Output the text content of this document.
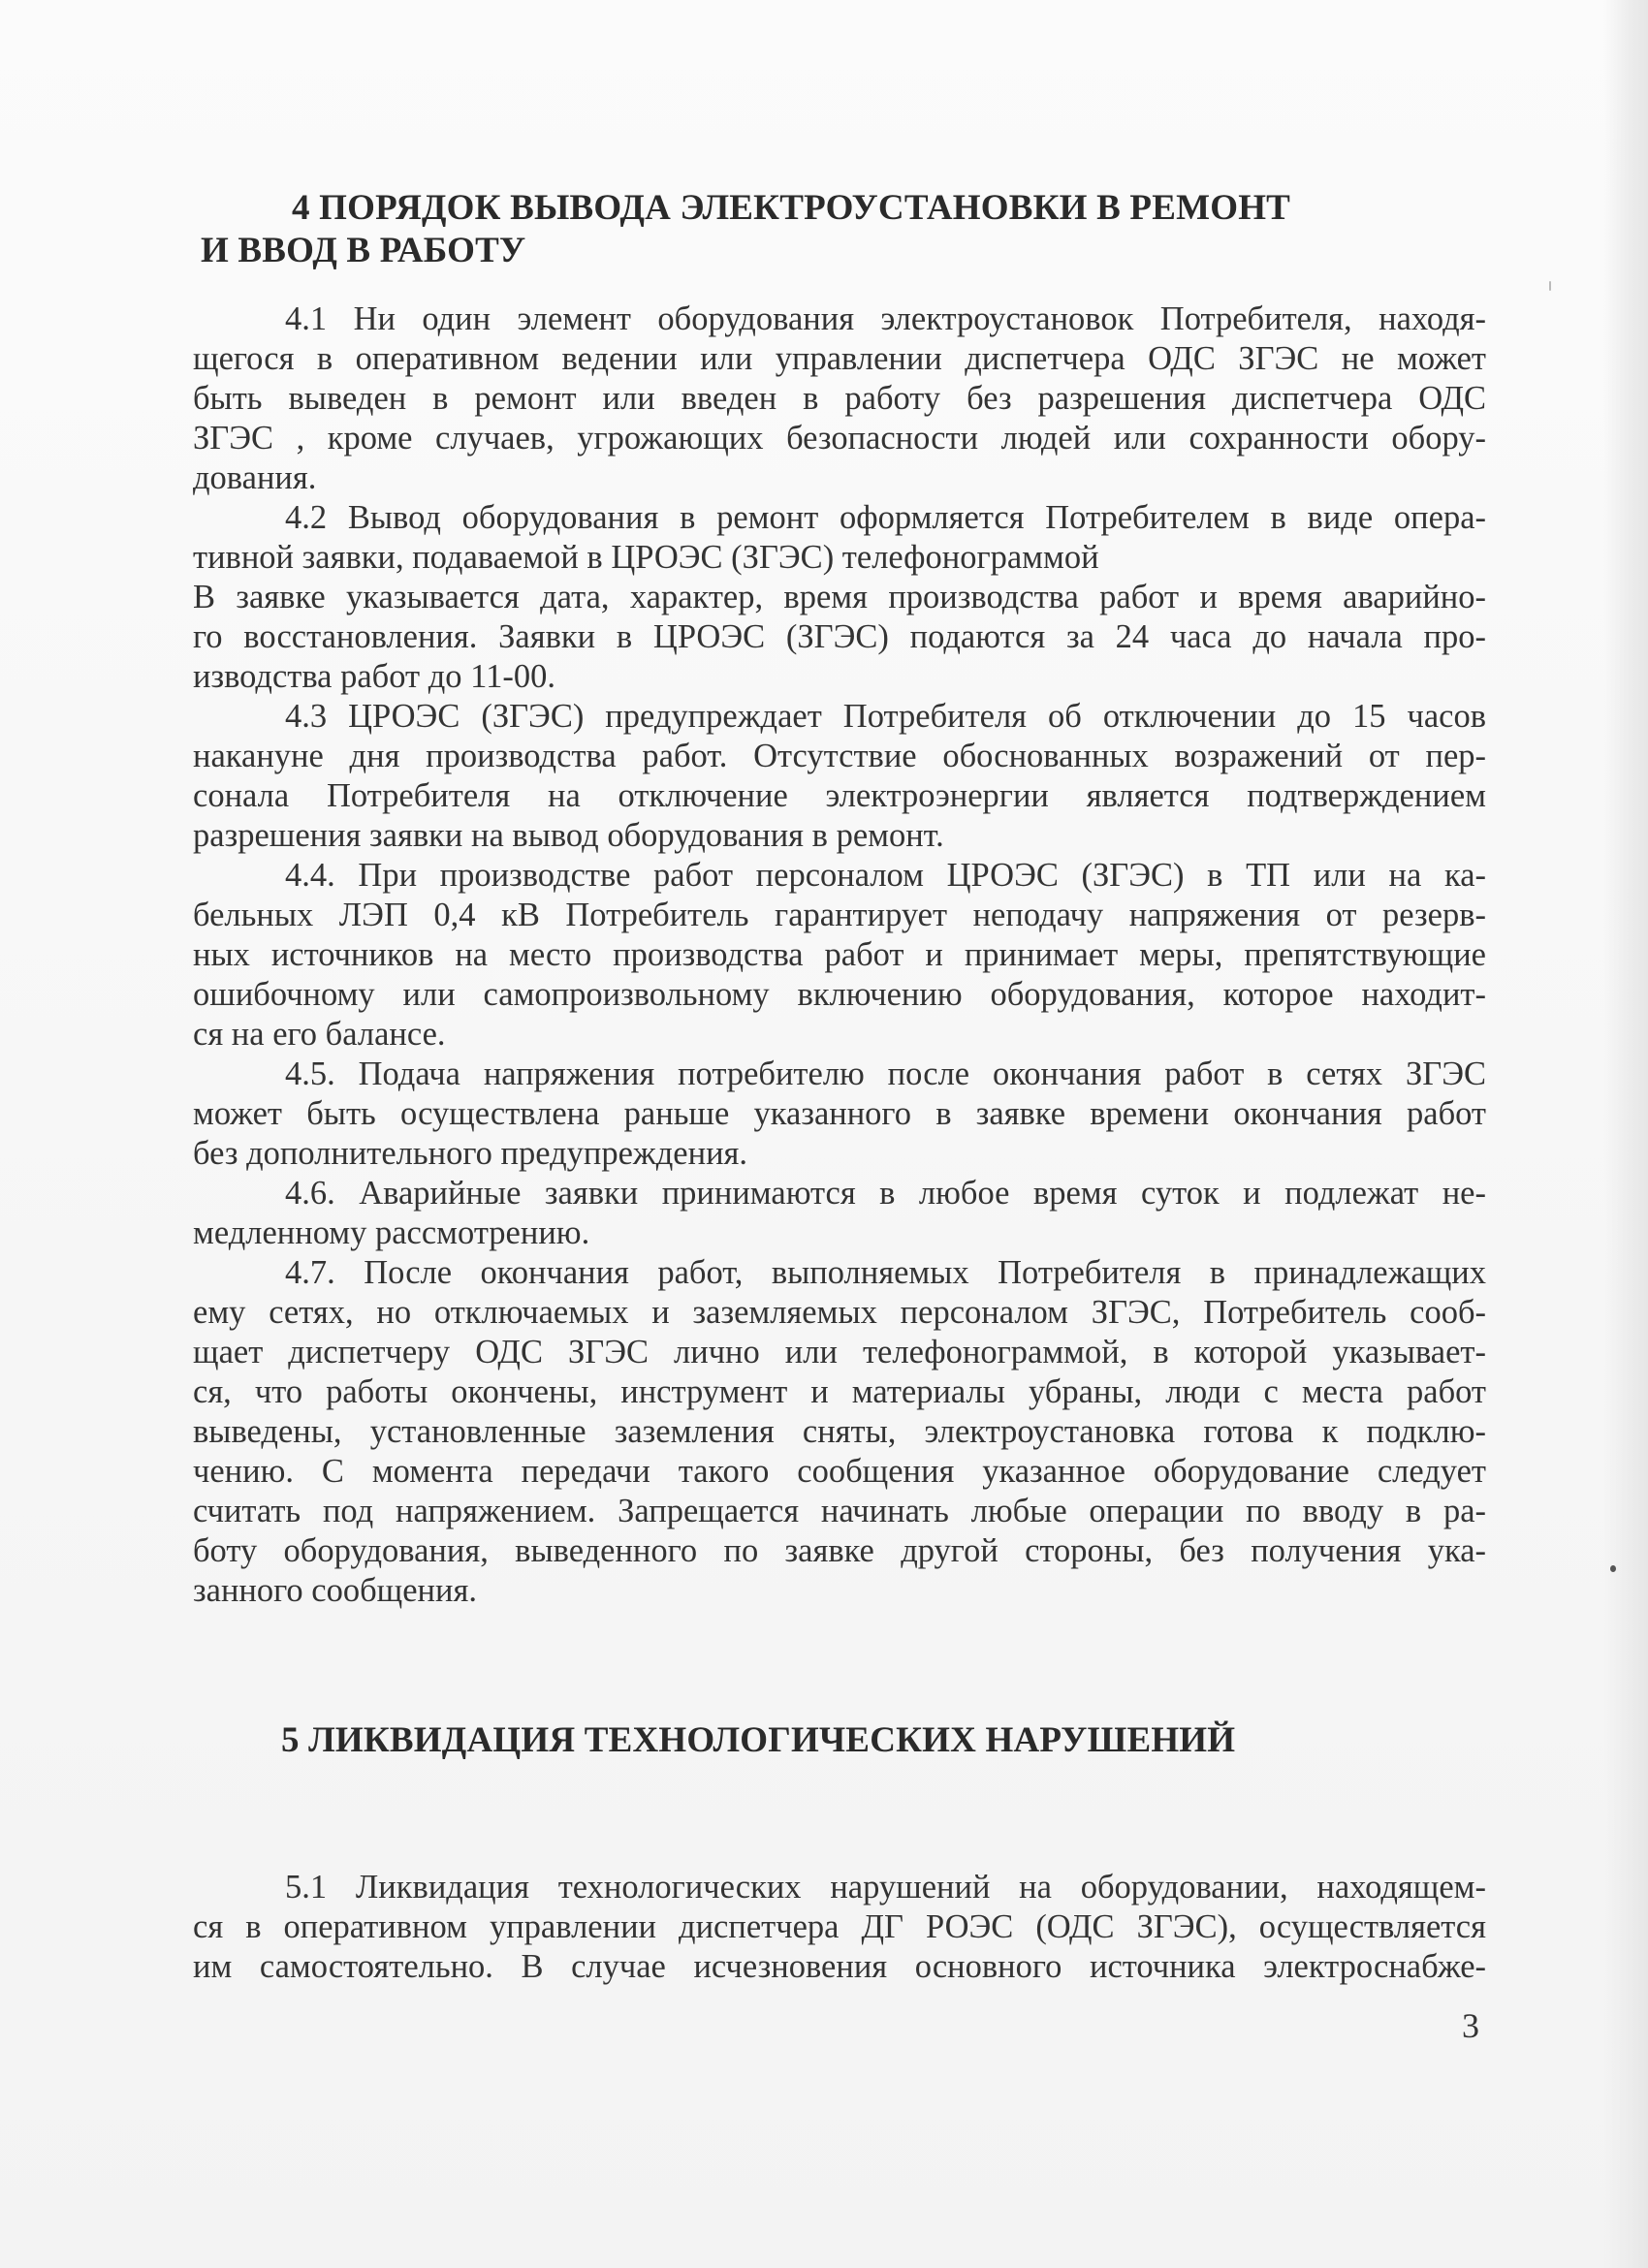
4 ПОРЯДОК ВЫВОДА ЭЛЕКТРОУСТАНОВКИ В РЕМОНТ
И ВВОД В РАБОТУ
4.1 Ни один элемент оборудования электроустановок Потребителя, находя-
щегося в оперативном ведении или управлении диспетчера ОДС ЗГЭС не может
быть выведен в ремонт или введен в работу без разрешения диспетчера ОДС
ЗГЭС , кроме случаев, угрожающих безопасности людей или сохранности обору-
дования.
4.2 Вывод оборудования в ремонт оформляется Потребителем в виде опера-
тивной заявки, подаваемой в ЦРОЭС (ЗГЭС) телефонограммой
В заявке указывается дата, характер, время производства работ и время аварийно-
го восстановления. Заявки в ЦРОЭС (ЗГЭС) подаются за 24 часа до начала про-
изводства работ до 11-00.
4.3 ЦРОЭС (ЗГЭС) предупреждает Потребителя об отключении до 15 часов
накануне дня производства работ. Отсутствие обоснованных возражений от пер-
сонала Потребителя на отключение электроэнергии является подтверждением
разрешения заявки на вывод оборудования в ремонт.
4.4. При производстве работ персоналом ЦРОЭС (ЗГЭС) в ТП или на ка-
бельных ЛЭП 0,4 кВ Потребитель гарантирует неподачу напряжения от резерв-
ных источников на место производства работ и принимает меры, препятствующие
ошибочному или самопроизвольному включению оборудования, которое находит-
ся на его балансе.
4.5. Подача напряжения потребителю после окончания работ в сетях ЗГЭС
может быть осуществлена раньше указанного в заявке времени окончания работ
без дополнительного предупреждения.
4.6. Аварийные заявки принимаются в любое время суток и подлежат не-
медленному рассмотрению.
4.7. После окончания работ, выполняемых Потребителя в принадлежащих
ему сетях, но отключаемых и заземляемых персоналом ЗГЭС, Потребитель сооб-
щает диспетчеру ОДС ЗГЭС лично или телефонограммой, в которой указывает-
ся, что работы окончены, инструмент и материалы убраны, люди с места работ
выведены, установленные заземления сняты, электроустановка готова к подклю-
чению. С момента передачи такого сообщения указанное оборудование следует
считать под напряжением. Запрещается начинать любые операции по вводу в ра-
боту оборудования, выведенного по заявке другой стороны, без получения ука-
занного сообщения.
5 ЛИКВИДАЦИЯ ТЕХНОЛОГИЧЕСКИХ НАРУШЕНИЙ
5.1 Ликвидация технологических нарушений на оборудовании, находящем-
ся в оперативном управлении диспетчера ДГ РОЭС (ОДС ЗГЭС), осуществляется
им самостоятельно. В случае исчезновения основного источника электроснабже-
3
